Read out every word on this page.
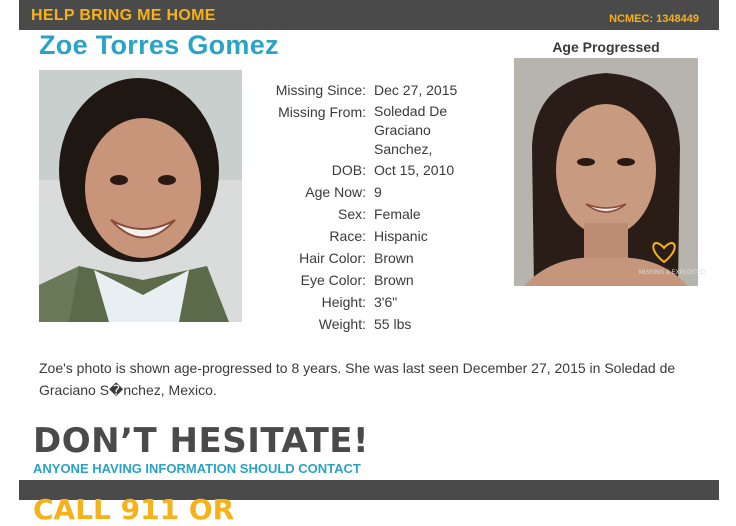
HELP BRING ME HOME	NCMEC: 1348449
Zoe Torres Gomez	Age Progressed
MISSING & EXPLOITED
Missing Since: Dec 27, 2015
Missing From: Soledad De Graciano Sanchez,
DOB: Oct 15, 2010
Age Now: 9
Sex: Female
Race: Hispanic
Hair Color: Brown
Eye Color: Brown
Height: 3'6"
Weight: 55 lbs
Zoe's photo is shown age-progressed to 8 years. She was last seen December 27, 2015 in Soledad de Graciano S�nchez, Mexico.
DON’T HESITATE!
ANYONE HAVING INFORMATION SHOULD CONTACT
CALL 911 OR
